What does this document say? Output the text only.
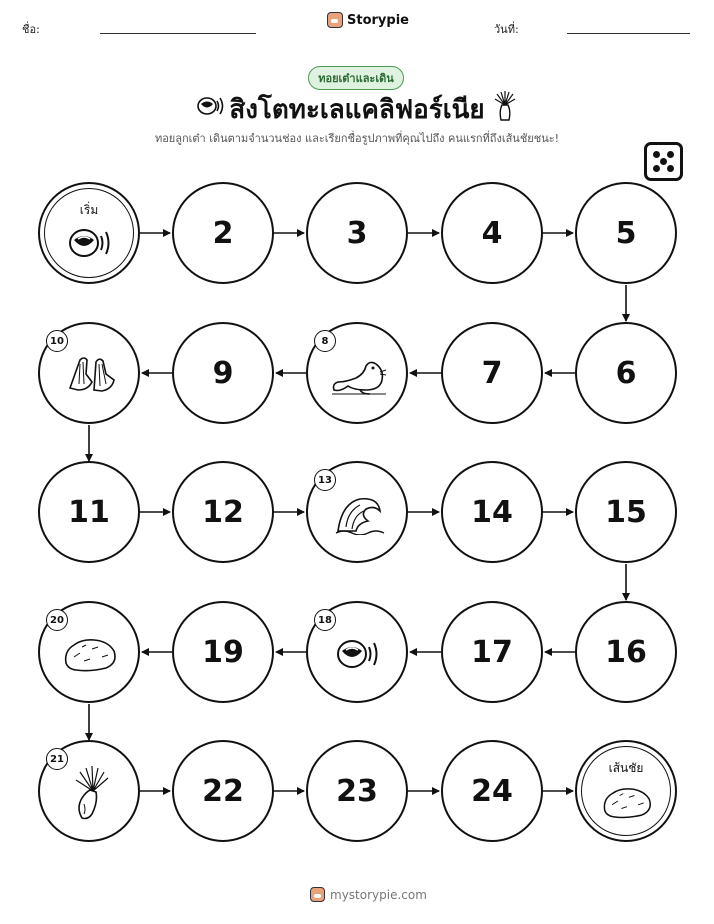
ชื่อ:
Storypie
วันที่:
ทอยเต๋าและเดิน
สิงโตทะเลแคลิฟอร์เนีย
ทอยลูกเต๋า เดินตามจำนวนช่อง และเรียกชื่อรูปภาพที่คุณไปถึง คนแรกที่ถึงเส้นชัยชนะ!
เริ่ม
2	3	4	5
10
9
8
7	6
11	12
13
14	15
20
19
18
17	16
21
22	23	24
เส้นชัย
mystorypie.com
